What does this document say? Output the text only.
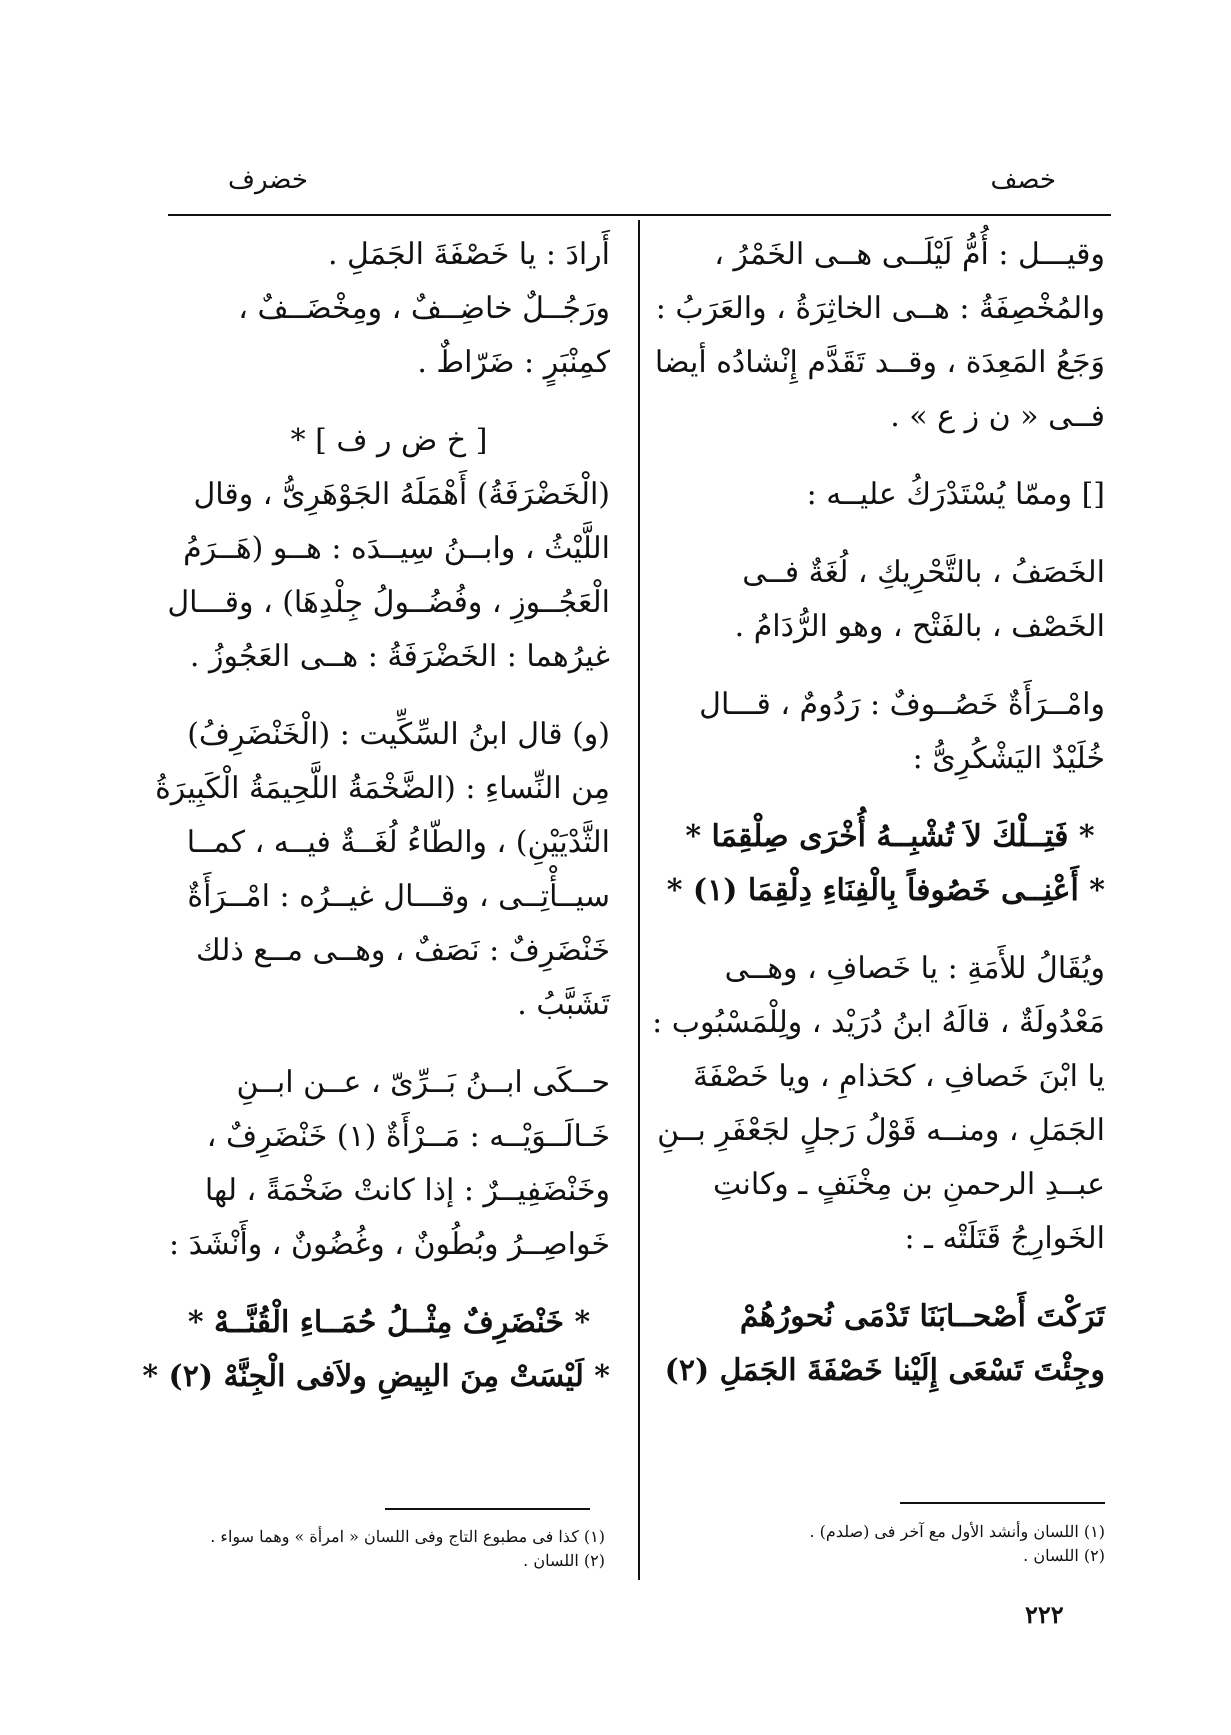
خصف
خضرف
وقيـــل : أُمُّ لَيْلَــى هــى الخَمْرُ ،
والمُخْصِفَةُ : هــى الخاثِرَةُ ، والعَرَبُ :
وَجَعُ المَعِدَة ، وقــد تَقَدَّم إِنْشادُه أيضا
فــى « ن ز ع » .
[] وممّا يُسْتَدْرَكُ عليــه :
الخَصَفُ ، بالتَّحْرِيكِ ، لُغَةٌ فــى
الخَصْف ، بالفَتْح ، وهو الرُّدَامُ .
وامْــرَأَةٌ خَصُــوفٌ : رَدُومٌ ، قـــال
خُلَيْدٌ اليَشْكُرِىُّ :
* فَتِــلْكَ لاَ تُشْبِــهُ أُخْرَى صِلْقِمَا *
* أَعْنِــى خَصُوفاً بِالْفِنَاءِ دِلْقِمَا (١) *
ويُقَالُ للأَمَةِ : يا خَصافِ ، وهــى
مَعْدُولَةٌ ، قالَهُ ابنُ دُرَيْد ، ولِلْمَسْبُوب :
يا ابْنَ خَصافِ ، كحَذامِ ، ويا خَصْفَةَ
الجَمَلِ ، ومنــه قَوْلُ رَجلٍ لجَعْفَرِ بــنِ
عبــدِ الرحمنِ بن مِخْنَفٍ ـ وكانتِ
الخَوارِجُ قَتَلَتْه ـ :
تَرَكْتَ أَصْحــابَنَا تَدْمَى نُحورُهُمْ
وجِئْتَ تَسْعَى إِلَيْنا خَصْفَةَ الجَمَلِ (٢)
أَرادَ : يا خَصْفَةَ الجَمَلِ .
ورَجُــلٌ خاضِــفٌ ، ومِخْضَــفٌ ،
كمِنْبَرٍ : ضَرّاطٌ .
[ خ ض ر ف ] *
(الْخَضْرَفَةُ) أَهْمَلَهُ الجَوْهَرِىُّ ، وقال
اللَّيْثُ ، وابــنُ سِيــدَه : هــو (هَــرَمُ
الْعَجُــوزِ ، وفُضُــولُ جِلْدِهَا) ، وقـــال
غيرُهما : الخَضْرَفَةُ : هــى العَجُوزُ .
(و) قال ابنُ السِّكِّيت : (الْخَنْضَرِفُ)
مِن النِّساءِ : (الضَّخْمَةُ اللَّحِيمَةُ الْكَبِيرَةُ
الثَّدْيَيْنِ) ، والطّاءُ لُغَــةٌ فيــه ، كمــا
سيــأْتِــى ، وقـــال غيــرُه : امْــرَأَةٌ
خَنْضَرِفٌ : نَصَفٌ ، وهــى مــع ذلك
تَشَبَّبُ .
حــكَى ابــنُ بَــرِّىّ ، عــن ابــنِ
خَـالَــوَيْــه : مَــرْأَةٌ (١) خَنْضَرِفٌ ،
وخَنْضَفِيــرٌ : إذا كانتْ ضَخْمَةً ، لها
خَواصِــرُ وبُطُونٌ ، وغُضُونٌ ، وأَنْشَدَ :
* خَنْضَرِفٌ مِثْــلُ حُمَــاءِ الْقُنَّــهْ *
* لَيْسَتْ مِنَ البِيضِ ولاَفى الْجِنَّهْ (٢) *
(١) اللسان وأنشد الأول مع آخر فى (صلدم) .
(٢) اللسان .
(١) كذا فى مطبوع التاج وفى اللسان « امرأة » وهما سواء .
(٢) اللسان .
٢٢٢
